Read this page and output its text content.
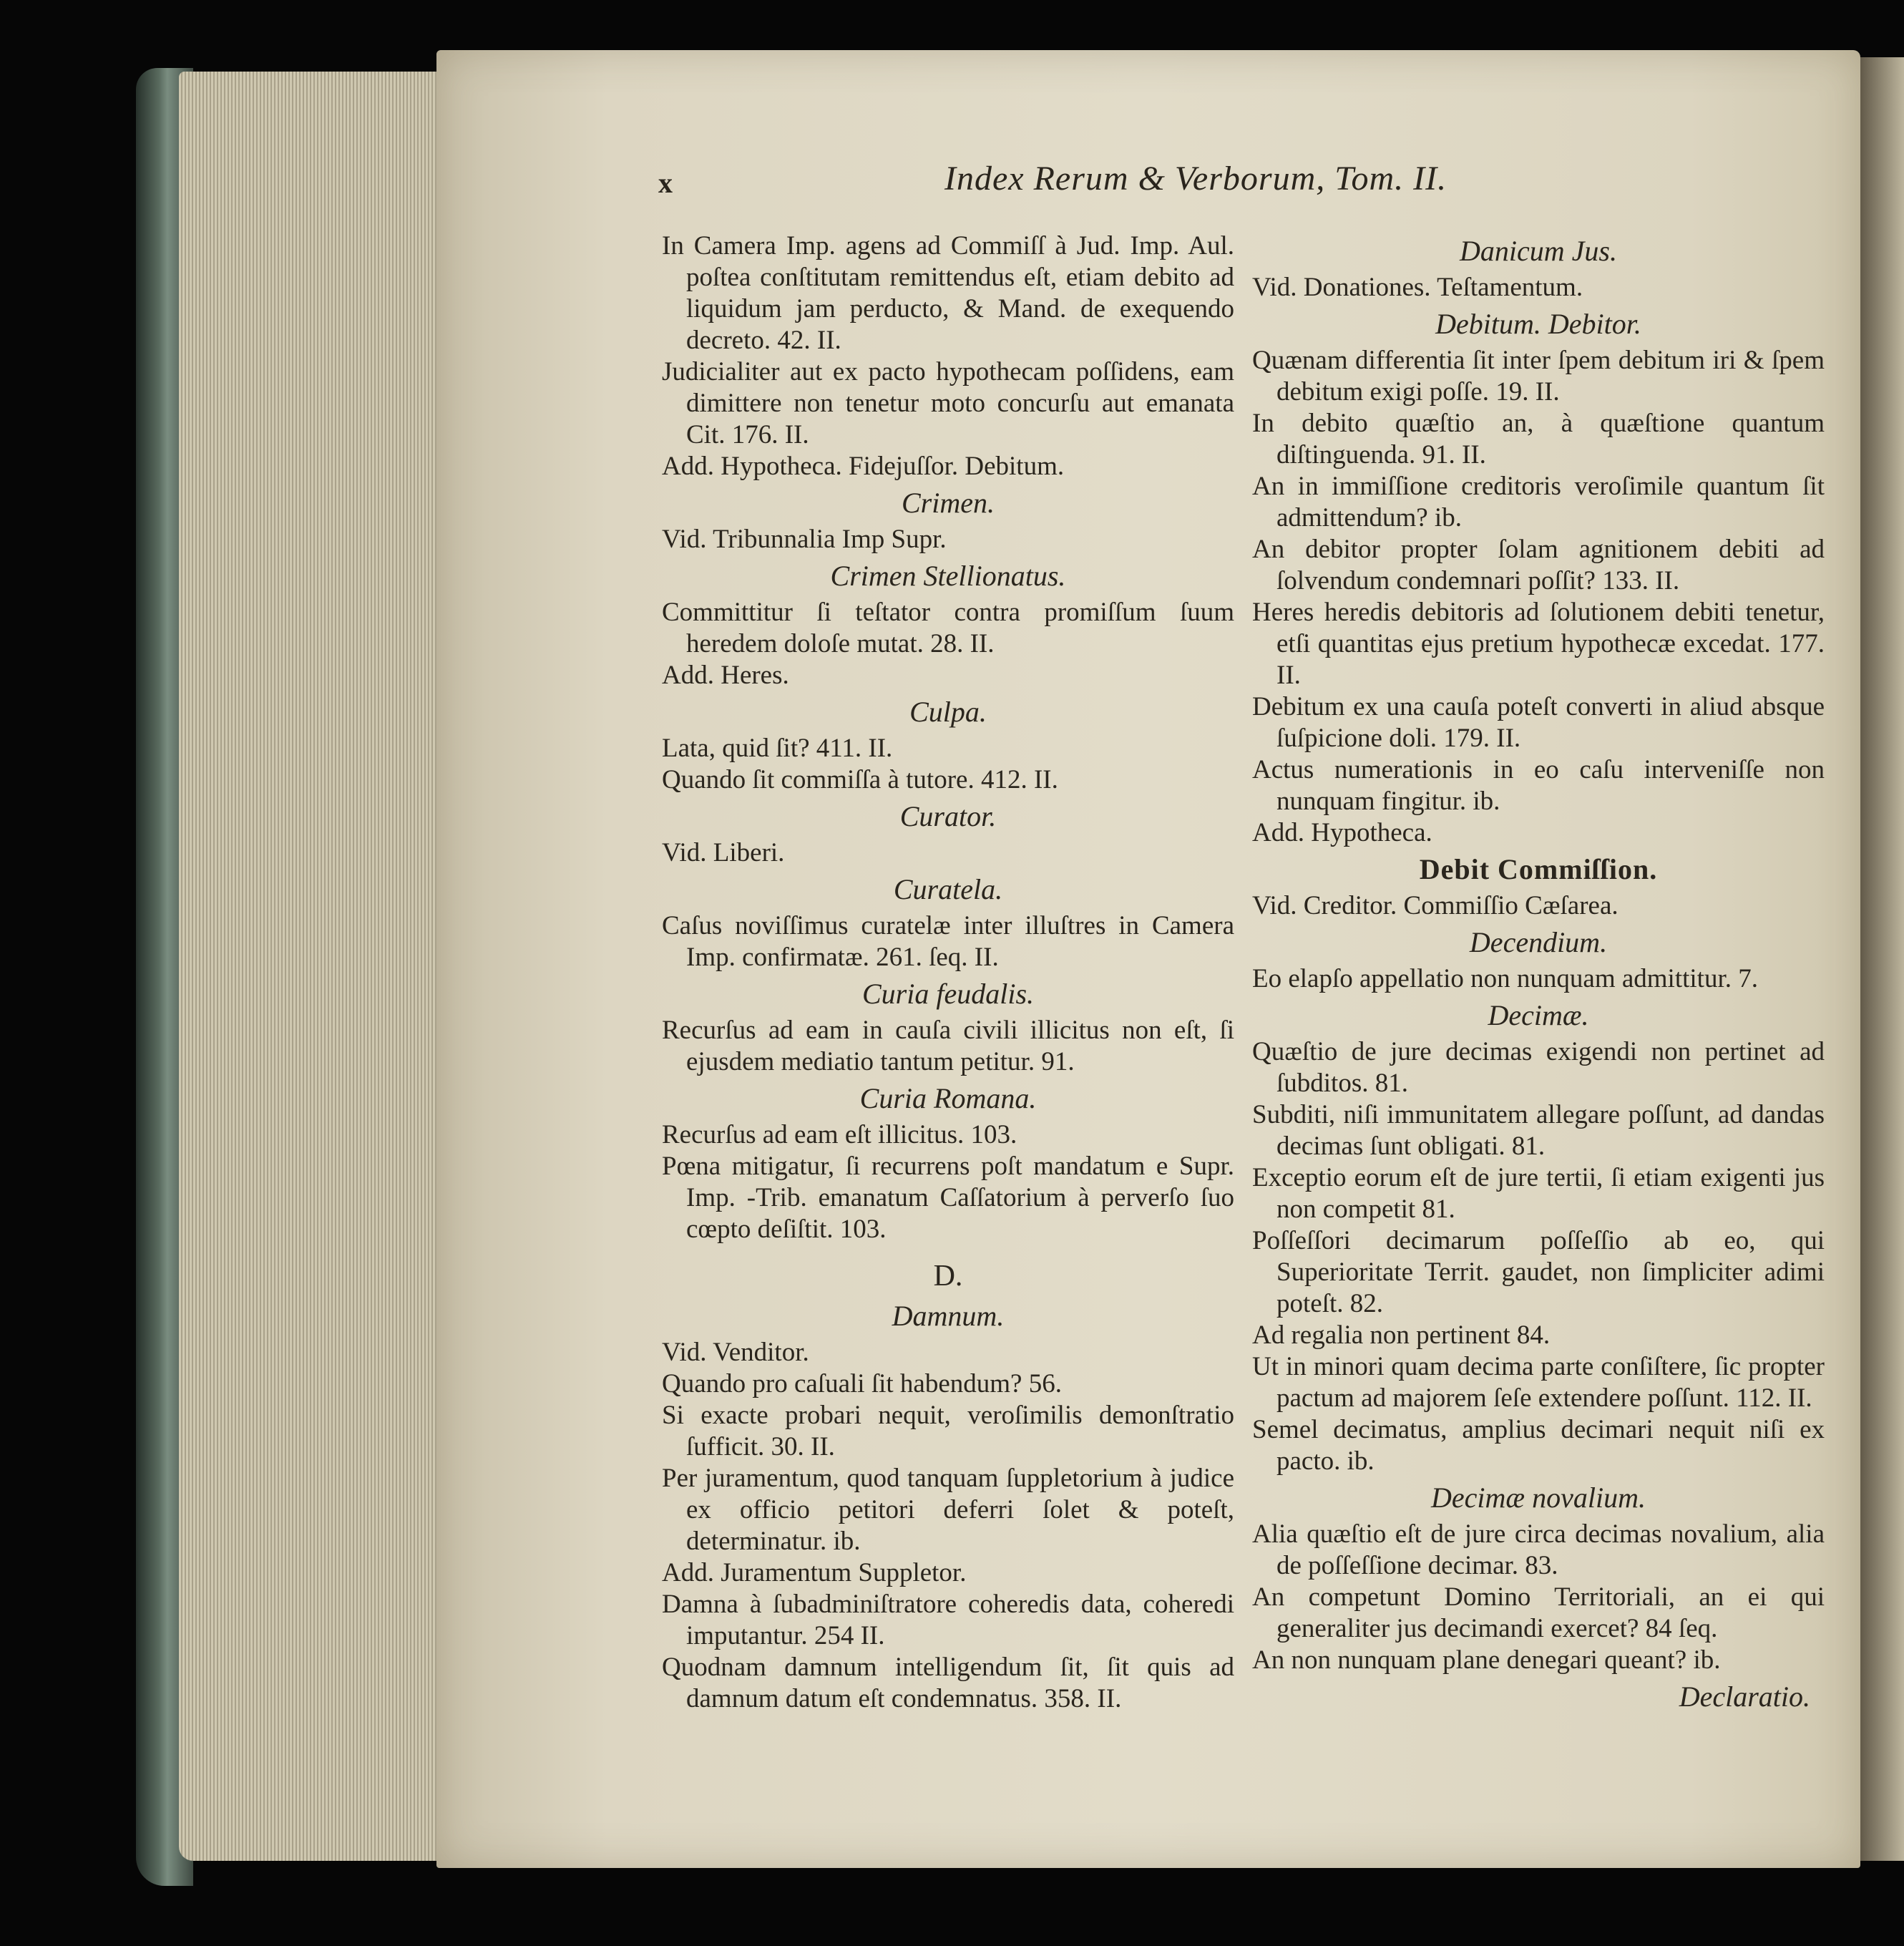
x	Index Rerum & Verborum, Tom. II.
In Camera Imp. agens ad Commiſſ à Jud. Imp. Aul. poſtea conſtitutam remittendus eſt, etiam debito ad liquidum jam perducto, & Mand. de exequendo decreto. 42. II.
Judicialiter aut ex pacto hypothecam poſſidens, eam dimittere non tenetur moto concurſu aut emanata Cit. 176. II.
Add. Hypotheca. Fidejuſſor. Debitum.
Crimen.
Vid. Tribunnalia Imp Supr.
Crimen Stellionatus.
Committitur ſi teſtator contra promiſſum ſuum heredem doloſe mutat. 28. II.
Add. Heres.
Culpa.
Lata, quid ſit? 411. II.
Quando ſit commiſſa à tutore. 412. II.
Curator.
Vid. Liberi.
Curatela.
Caſus noviſſimus curatelæ inter illuſtres in Camera Imp. confirmatæ. 261. ſeq. II.
Curia feudalis.
Recurſus ad eam in cauſa civili illicitus non eſt, ſi ejusdem mediatio tantum petitur. 91.
Curia Romana.
Recurſus ad eam eſt illicitus. 103.
Pœna mitigatur, ſi recurrens poſt mandatum e Supr. Imp. -Trib. emanatum Caſſatorium à perverſo ſuo cœpto deſiſtit. 103.
D.
Damnum.
Vid. Venditor.
Quando pro caſuali ſit habendum? 56.
Si exacte probari nequit, veroſimilis demonſtratio ſufficit. 30. II.
Per juramentum, quod tanquam ſuppletorium à judice ex officio petitori deferri ſolet & poteſt, determinatur. ib.
Add. Juramentum Suppletor.
Damna à ſubadminiſtratore coheredis data, coheredi imputantur. 254 II.
Quodnam damnum intelligendum ſit, ſit quis ad damnum datum eſt condemnatus. 358. II.
Danicum Jus.
Vid. Donationes. Teſtamentum.
Debitum. Debitor.
Quænam differentia ſit inter ſpem debitum iri & ſpem debitum exigi poſſe. 19. II.
In debito quæſtio an, à quæſtione quantum diſtinguenda. 91. II.
An in immiſſione creditoris veroſimile quantum ſit admittendum? ib.
An debitor propter ſolam agnitionem debiti ad ſolvendum condemnari poſſit? 133. II.
Heres heredis debitoris ad ſolutionem debiti tenetur, etſi quantitas ejus pretium hypothecæ excedat. 177. II.
Debitum ex una cauſa poteſt converti in aliud absque ſuſpicione doli. 179. II.
Actus numerationis in eo caſu interveniſſe non nunquam fingitur. ib.
Add. Hypotheca.
Debit Commiſſion.
Vid. Creditor. Commiſſio Cæſarea.
Decendium.
Eo elapſo appellatio non nunquam admittitur. 7.
Decimæ.
Quæſtio de jure decimas exigendi non pertinet ad ſubditos. 81.
Subditi, niſi immunitatem allegare poſſunt, ad dandas decimas ſunt obligati. 81.
Exceptio eorum eſt de jure tertii, ſi etiam exigenti jus non competit 81.
Poſſeſſori decimarum poſſeſſio ab eo, qui Superioritate Territ. gaudet, non ſimpliciter adimi poteſt. 82.
Ad regalia non pertinent 84.
Ut in minori quam decima parte conſiſtere, ſic propter pactum ad majorem ſeſe extendere poſſunt. 112. II.
Semel decimatus, amplius decimari nequit niſi ex pacto. ib.
Decimæ novalium.
Alia quæſtio eſt de jure circa decimas novalium, alia de poſſeſſione decimar. 83.
An competunt Domino Territoriali, an ei qui generaliter jus decimandi exercet? 84 ſeq.
An non nunquam plane denegari queant? ib.
Declaratio.
